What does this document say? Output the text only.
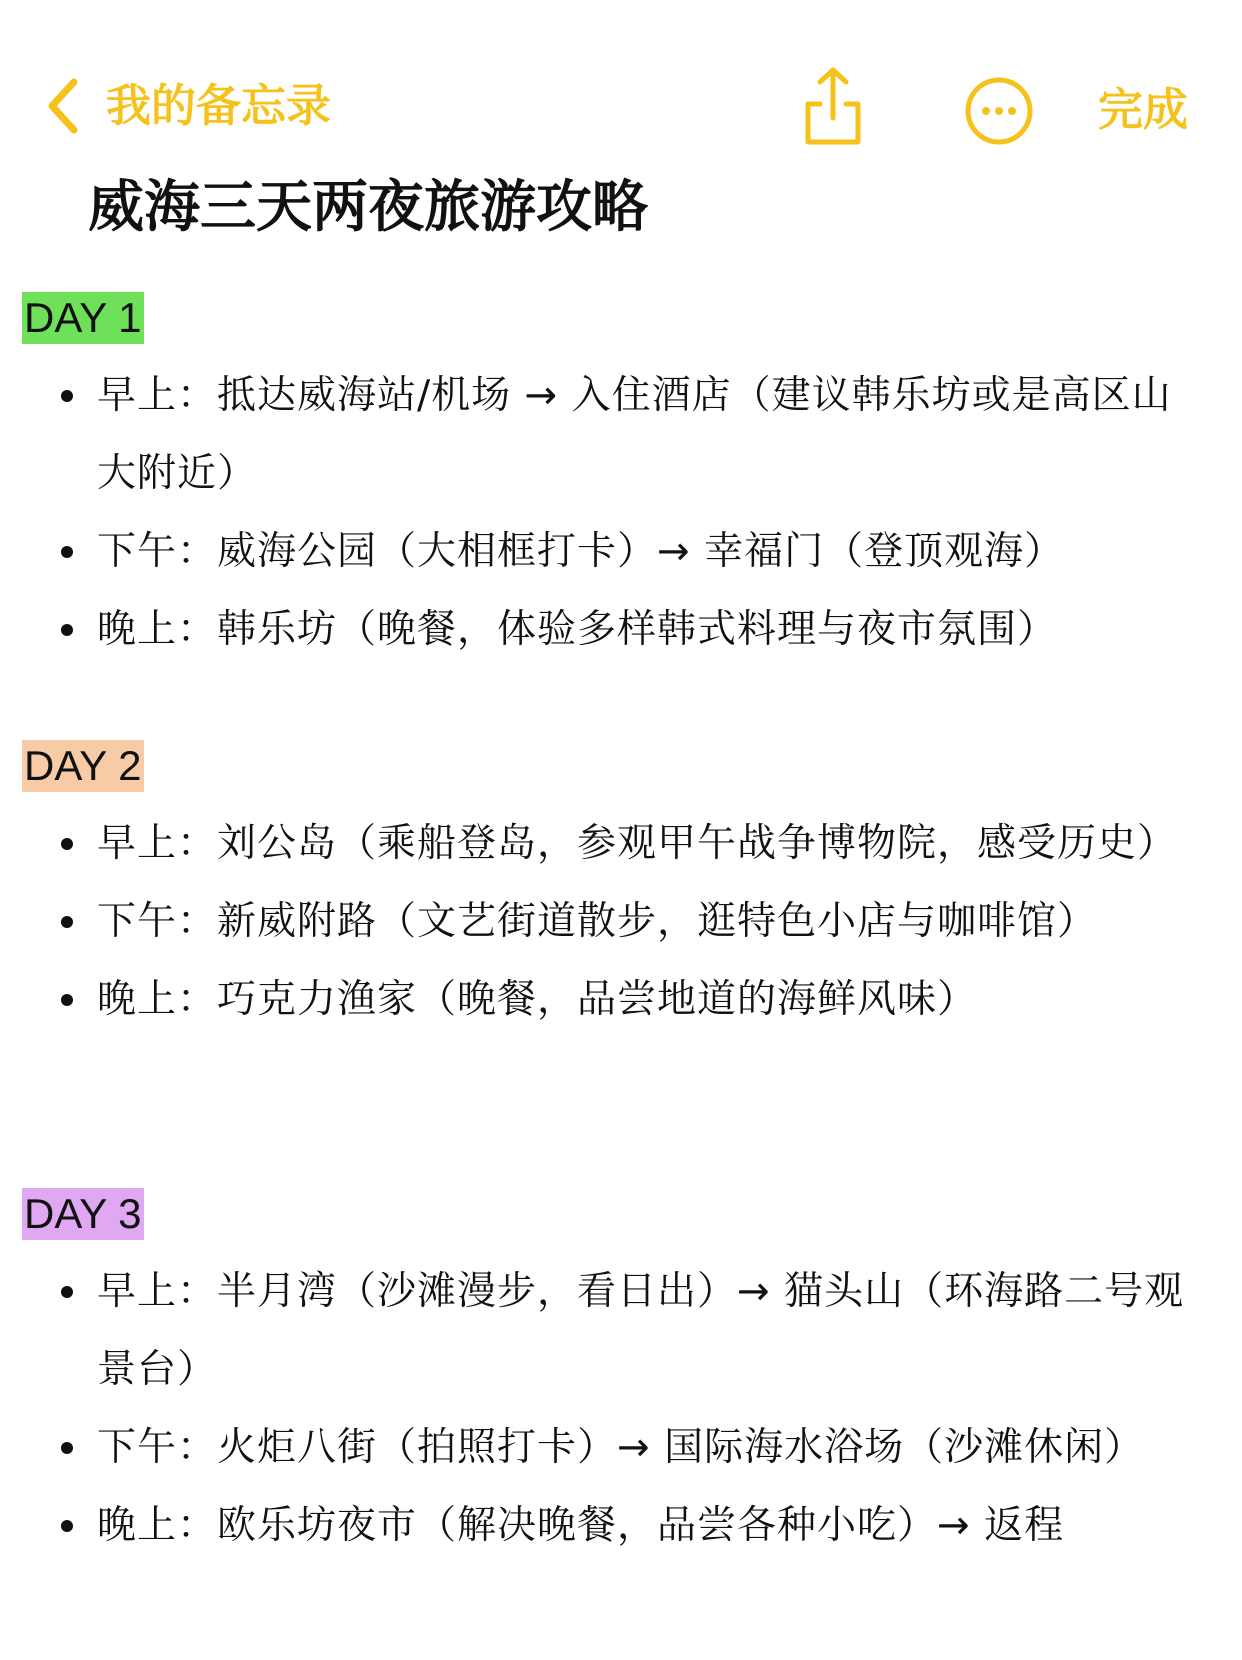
我的备忘录	完成
威海三天两夜旅游攻略
DAY 1
早上：抵达威海站/机场 → 入住酒店（建议韩乐坊或是高区山大附近）
下午：威海公园（大相框打卡）→ 幸福门（登顶观海）
晚上：韩乐坊（晚餐，体验多样韩式料理与夜市氛围）
DAY 2
早上：刘公岛（乘船登岛，参观甲午战争博物院，感受历史）
下午：新威附路（文艺街道散步，逛特色小店与咖啡馆）
晚上：巧克力渔家（晚餐，品尝地道的海鲜风味）
DAY 3
早上：半月湾（沙滩漫步，看日出）→ 猫头山（环海路二号观景台）
下午：火炬八街（拍照打卡）→ 国际海水浴场（沙滩休闲）
晚上：欧乐坊夜市（解决晚餐，品尝各种小吃）→ 返程
